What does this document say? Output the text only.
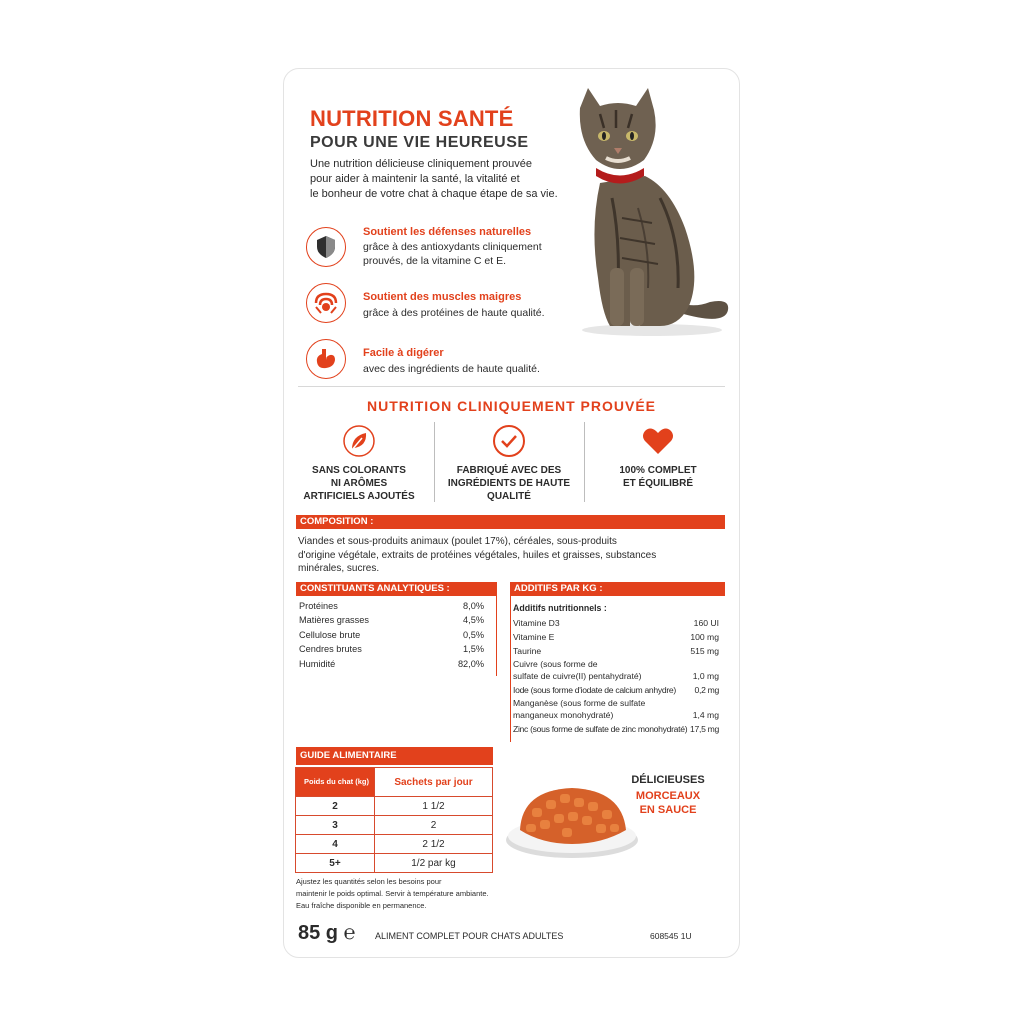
NUTRITION SANTÉ
POUR UNE VIE HEUREUSE
Une nutrition délicieuse cliniquement prouvée
pour aider à maintenir la santé, la vitalité et
le bonheur de votre chat à chaque étape de sa vie.
Soutient les défenses naturelles
grâce à des antioxydants cliniquement
prouvés, de la vitamine C et E.
Soutient des muscles maigres
grâce à des protéines de haute qualité.
Facile à digérer
avec des ingrédients de haute qualité.
NUTRITION CLINIQUEMENT PROUVÉE
SANS COLORANTS
NI ARÔMES
ARTIFICIELS AJOUTÉS
FABRIQUÉ AVEC DES
INGRÉDIENTS DE HAUTE
QUALITÉ
100% COMPLET
ET ÉQUILIBRÉ
COMPOSITION :
Viandes et sous-produits animaux (poulet 17%), céréales, sous-produits
d'origine végétale, extraits de protéines végétales, huiles et graisses, substances
minérales, sucres.
CONSTITUANTS ANALYTIQUES :
Protéines	8,0%
Matières grasses	4,5%
Cellulose brute	0,5%
Cendres brutes	1,5%
Humidité	82,0%
ADDITIFS PAR KG :
Additifs nutritionnels :
Vitamine D3	160 UI
Vitamine E	100 mg
Taurine	515 mg
Cuivre (sous forme de
sulfate de cuivre(II) pentahydraté)	1,0 mg
Iode (sous forme d'iodate de calcium anhydre) 0,2 mg
Manganèse (sous forme de sulfate
manganeux monohydraté)	1,4 mg
Zinc (sous forme de sulfate de zinc monohydraté) 17,5 mg
GUIDE ALIMENTAIRE
Poids du chat (kg)	Sachets par jour
2	1 1/2
3	2
4	2 1/2
5+	1/2 par kg
Ajustez les quantités selon les besoins pour
maintenir le poids optimal. Servir à température ambiante.
Eau fraîche disponible en permanence.
DÉLICIEUSES
MORCEAUX
EN SAUCE
85 g ℮ ALIMENT COMPLET POUR CHATS ADULTES	608545 1U
